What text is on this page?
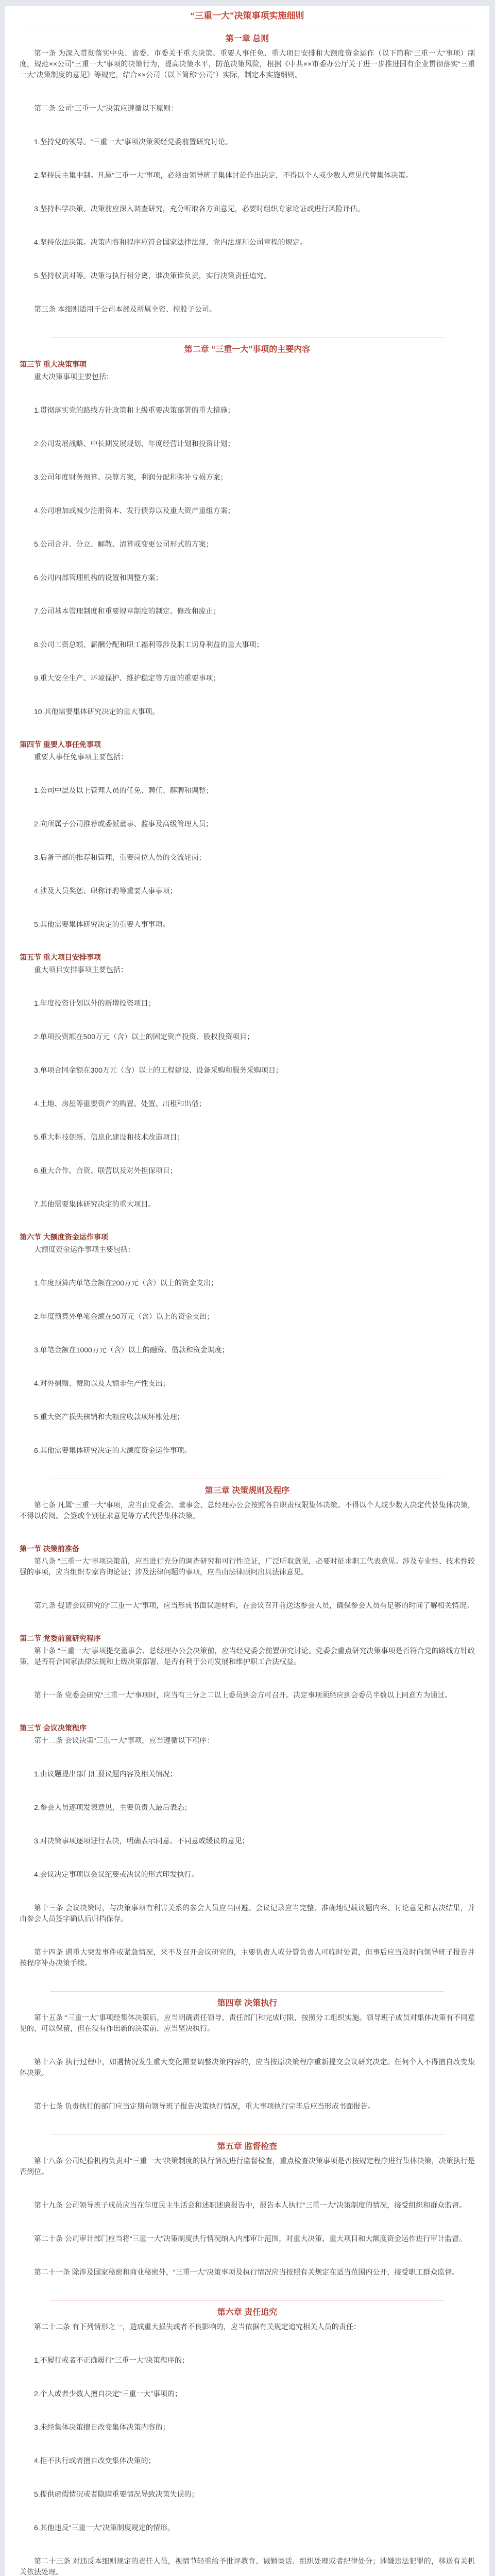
“三重一大”决策事项实施细则
第一章 总则

第一条 为深入贯彻落实中央、省委、市委关于重大决策、重要人事任免、重大项目安排和大额度资金运作（以下简称“三重一大”事项）制度，规范××公司“三重一大”事项的决策行为，提高决策水平，防范决策风险，根据《中共××市委办公厅关于进一步推进国有企业贯彻落实“三重一大”决策制度的意见》等规定，结合××公司（以下简称“公司”）实际，制定本实施细则。

第二条 公司“三重一大”决策应遵循以下原则：

1.坚持党的领导。“三重一大”事项决策须经党委前置研究讨论。

2.坚持民主集中制。凡属“三重一大”事项，必须由领导班子集体讨论作出决定，不得以个人或少数人意见代替集体决策。

3.坚持科学决策。决策前应深入调查研究，充分听取各方面意见，必要时组织专家论证或进行风险评估。

4.坚持依法决策。决策内容和程序应符合国家法律法规、党内法规和公司章程的规定。

5.坚持权责对等。决策与执行相分离，谁决策谁负责，实行决策责任追究。

第三条 本细则适用于公司本部及所属全资、控股子公司。

第二章 “三重一大”事项的主要内容
第三节 重大决策事项

重大决策事项主要包括：

1.贯彻落实党的路线方针政策和上级重要决策部署的重大措施；

2.公司发展战略、中长期发展规划、年度经营计划和投资计划；

3.公司年度财务预算、决算方案，利润分配和弥补亏损方案；

4.公司增加或减少注册资本、发行债券以及重大资产重组方案；

5.公司合并、分立、解散、清算或变更公司形式的方案；

6.公司内部管理机构的设置和调整方案；

7.公司基本管理制度和重要规章制度的制定、修改和废止；

8.公司工资总额、薪酬分配和职工福利等涉及职工切身利益的重大事项；

9.重大安全生产、环境保护、维护稳定等方面的重要事项；

10.其他需要集体研究决定的重大事项。

第四节 重要人事任免事项

重要人事任免事项主要包括：

1.公司中层及以上管理人员的任免、聘任、解聘和调整；

2.向所属子公司推荐或委派董事、监事及高级管理人员；

3.后备干部的推荐和管理，重要岗位人员的交流轮岗；

4.涉及人员奖惩、职称评聘等重要人事事项；

5.其他需要集体研究决定的重要人事事项。

第五节 重大项目安排事项

重大项目安排事项主要包括：

1.年度投资计划以外的新增投资项目；

2.单项投资额在500万元（含）以上的固定资产投资、股权投资项目；

3.单项合同金额在300万元（含）以上的工程建设、设备采购和服务采购项目；

4.土地、房屋等重要资产的购置、处置、出租和出借；

5.重大科技创新、信息化建设和技术改造项目；

6.重大合作、合资、联营以及对外担保项目；

7.其他需要集体研究决定的重大项目。

第六节 大额度资金运作事项

大额度资金运作事项主要包括：

1.年度预算内单笔金额在200万元（含）以上的资金支出；

2.年度预算外单笔金额在50万元（含）以上的资金支出；

3.单笔金额在1000万元（含）以上的融资、借款和资金调度；

4.对外捐赠、赞助以及大额非生产性支出；

5.重大资产损失核销和大额应收款项坏账处理；

6.其他需要集体研究决定的大额度资金运作事项。

第三章 决策规则及程序

第七条 凡属“三重一大”事项，应当由党委会、董事会、总经理办公会按照各自职责权限集体决策。不得以个人或少数人决定代替集体决策，不得以传阅、会签或个别征求意见等方式代替集体决策。

第一节 决策前准备

第八条 “三重一大”事项决策前，应当进行充分的调查研究和可行性论证，广泛听取意见，必要时征求职工代表意见。涉及专业性、技术性较强的事项，应当组织专家咨询论证；涉及法律问题的事项，应当由法律顾问出具法律意见。

第九条 提请会议研究的“三重一大”事项，应当形成书面议题材料，在会议召开前送达参会人员，确保参会人员有足够的时间了解相关情况。

第二节 党委前置研究程序

第十条 “三重一大”事项提交董事会、总经理办公会决策前，应当经党委会前置研究讨论。党委会重点研究决策事项是否符合党的路线方针政策，是否符合国家法律法规和上级决策部署，是否有利于公司发展和维护职工合法权益。

第十一条 党委会研究“三重一大”事项时，应当有三分之二以上委员到会方可召开。决定事项须经应到会委员半数以上同意方为通过。

第三节 会议决策程序

第十二条 会议决策“三重一大”事项，应当遵循以下程序：

1.由议题提出部门汇报议题内容及相关情况；

2.参会人员逐项发表意见，主要负责人最后表态；

3.对决策事项逐项进行表决，明确表示同意、不同意或缓议的意见；

4.会议决定事项以会议纪要或决议的形式印发执行。

第十三条 会议决策时，与决策事项有利害关系的参会人员应当回避。会议记录应当完整、准确地记载议题内容、讨论意见和表决结果，并由参会人员签字确认后归档保存。

第十四条 遇重大突发事件或紧急情况，来不及召开会议研究的，主要负责人或分管负责人可临时处置，但事后应当及时向领导班子报告并按程序补办决策手续。

第四章 决策执行

第十五条 “三重一大”事项经集体决策后，应当明确责任领导、责任部门和完成时限，按照分工组织实施。领导班子成员对集体决策有不同意见的，可以保留，但在没有作出新的决策前，应当坚决执行。

第十六条 执行过程中，如遇情况发生重大变化需要调整决策内容的，应当按原决策程序重新提交会议研究决定。任何个人不得擅自改变集体决策。

第十七条 负责执行的部门应当定期向领导班子报告决策执行情况，重大事项执行完毕后应当形成书面报告。

第五章 监督检查

第十八条 公司纪检机构负责对“三重一大”决策制度的执行情况进行监督检查，重点检查决策事项是否按规定程序进行集体决策，决策执行是否到位。

第十九条 公司领导班子成员应当在年度民主生活会和述职述廉报告中，报告本人执行“三重一大”决策制度的情况，接受组织和群众监督。

第二十条 公司审计部门应当将“三重一大”决策制度执行情况纳入内部审计范围，对重大决策、重大项目和大额度资金运作进行审计监督。

第二十一条 除涉及国家秘密和商业秘密外，“三重一大”决策事项及执行情况应当按照有关规定在适当范围内公开，接受职工群众监督。

第六章 责任追究

第二十二条 有下列情形之一，造成重大损失或者不良影响的，应当依据有关规定追究相关人员的责任：

1.不履行或者不正确履行“三重一大”决策程序的；

2.个人或者少数人擅自决定“三重一大”事项的；

3.未经集体决策擅自改变集体决策内容的；

4.拒不执行或者擅自改变集体决策的；

5.提供虚假情况或者隐瞒重要情况导致决策失误的；

6.其他违反“三重一大”决策制度规定的情形。

第二十三条 对违反本细则规定的责任人员，视情节轻重给予批评教育、诫勉谈话、组织处理或者纪律处分；涉嫌违法犯罪的，移送有关机关依法处理。
